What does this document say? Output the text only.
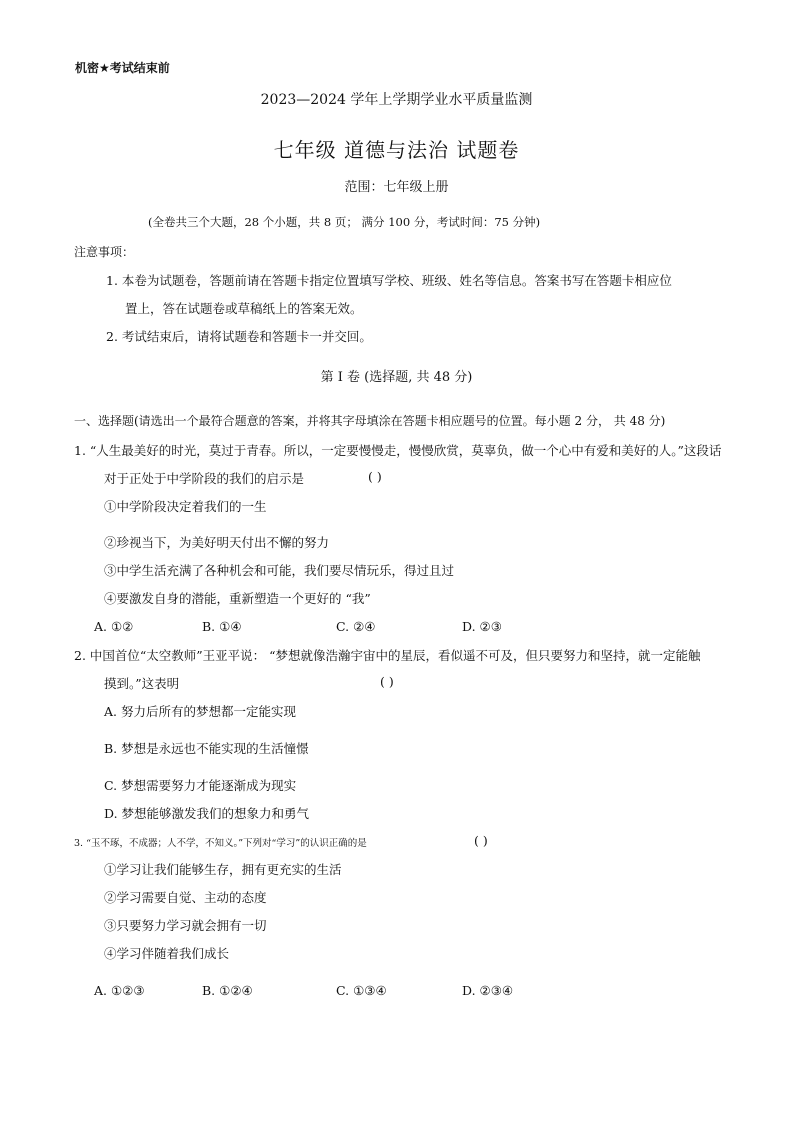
机密★考试结束前
2023—2024 学年上学期学业水平质量监测
七年级 道德与法治 试题卷
范围：七年级上册
(全卷共三个大题，28 个小题，共 8 页； 满分 100 分，考试时间：75 分钟)
注意事项：
1. 本卷为试题卷，答题前请在答题卡指定位置填写学校、班级、姓名等信息。答案书写在答题卡相应位
置上，答在试题卷或草稿纸上的答案无效。
2. 考试结束后，请将试题卷和答题卡一并交回。
第 I 卷 (选择题, 共 48 分)
一、选择题(请选出一个最符合题意的答案，并将其字母填涂在答题卡相应题号的位置。每小题 2 分， 共 48 分)
1. “人生最美好的时光，莫过于青春。所以，一定要慢慢走，慢慢欣赏，莫辜负，做一个心中有爱和美好的人。”这段话
对于正处于中学阶段的我们的启示是	( )
①中学阶段决定着我们的一生
②珍视当下，为美好明天付出不懈的努力
③中学生活充满了各种机会和可能，我们要尽情玩乐，得过且过
④要激发自身的潜能，重新塑造一个更好的 “我”
A. ①②	B. ①④	C. ②④	D. ②③
2. 中国首位“太空教师”王亚平说： “梦想就像浩瀚宇宙中的星辰，看似遥不可及，但只要努力和坚持，就一定能触
摸到。”这表明	( )
A. 努力后所有的梦想都一定能实现
B. 梦想是永远也不能实现的生活憧憬
C. 梦想需要努力才能逐渐成为现实
D. 梦想能够激发我们的想象力和勇气
3. “玉不琢，不成器；人不学，不知义。”下列对“学习”的认识正确的是	( )
①学习让我们能够生存，拥有更充实的生活
②学习需要自觉、主动的态度
③只要努力学习就会拥有一切
④学习伴随着我们成长
A. ①②③	B. ①②④	C. ①③④	D. ②③④
